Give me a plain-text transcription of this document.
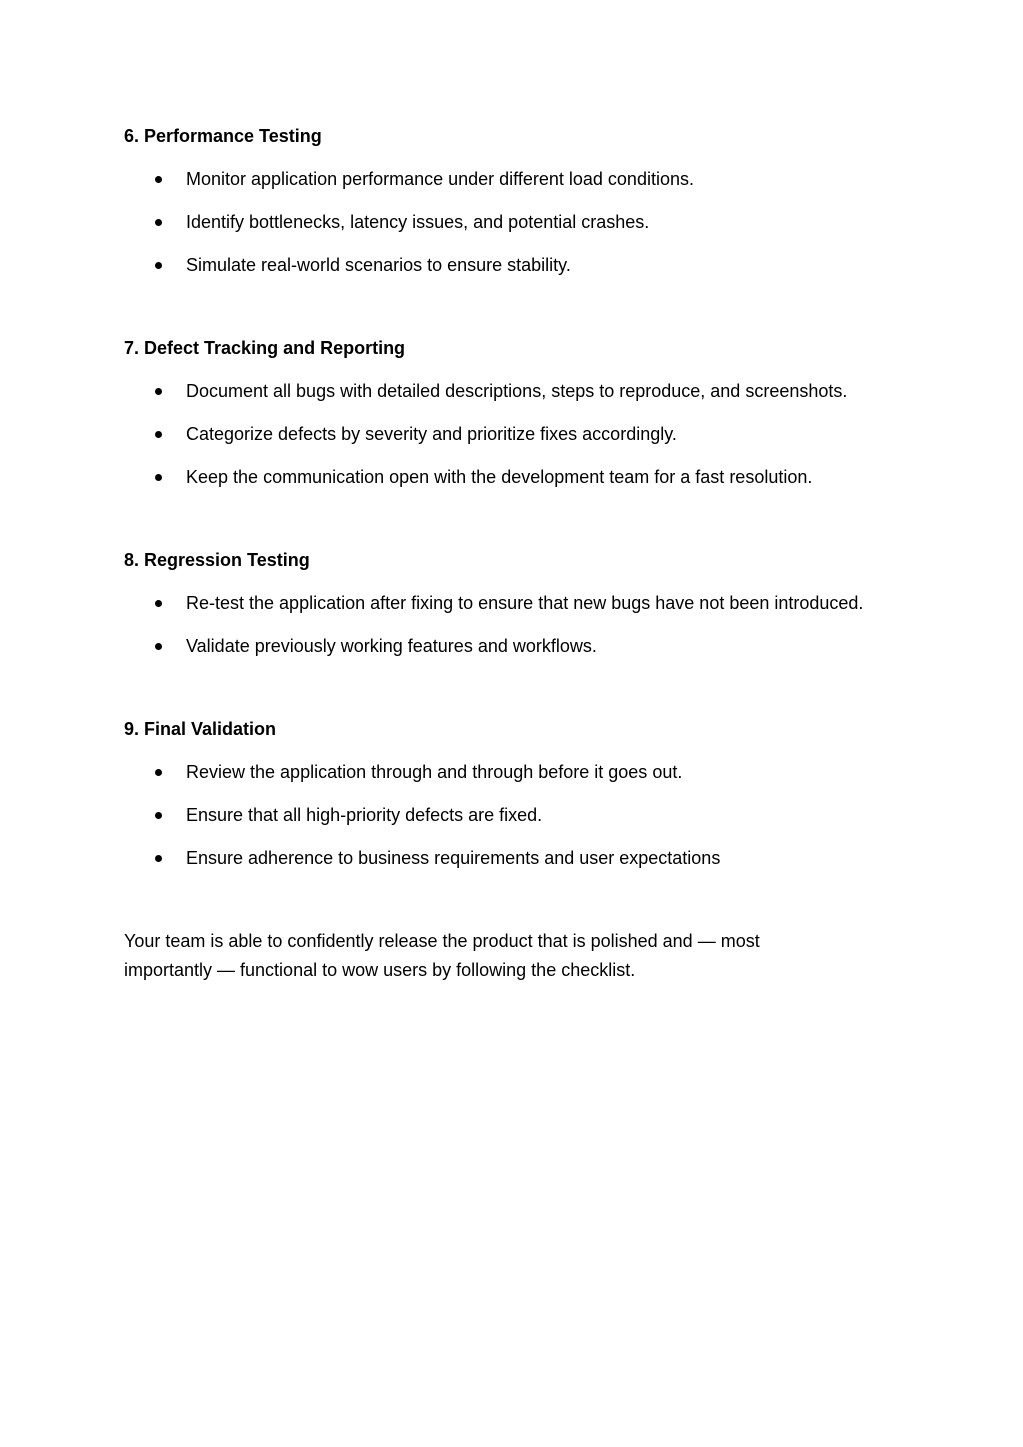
6. Performance Testing
Monitor application performance under different load conditions.
Identify bottlenecks, latency issues, and potential crashes.
Simulate real-world scenarios to ensure stability.
7. Defect Tracking and Reporting
Document all bugs with detailed descriptions, steps to reproduce, and screenshots.
Categorize defects by severity and prioritize fixes accordingly.
Keep the communication open with the development team for a fast resolution.
8. Regression Testing
Re-test the application after fixing to ensure that new bugs have not been introduced.
Validate previously working features and workflows.
9. Final Validation
Review the application through and through before it goes out.
Ensure that all high-priority defects are fixed.
Ensure adherence to business requirements and user expectations

Your team is able to confidently release the product that is polished and — most importantly — functional to wow users by following the checklist.
